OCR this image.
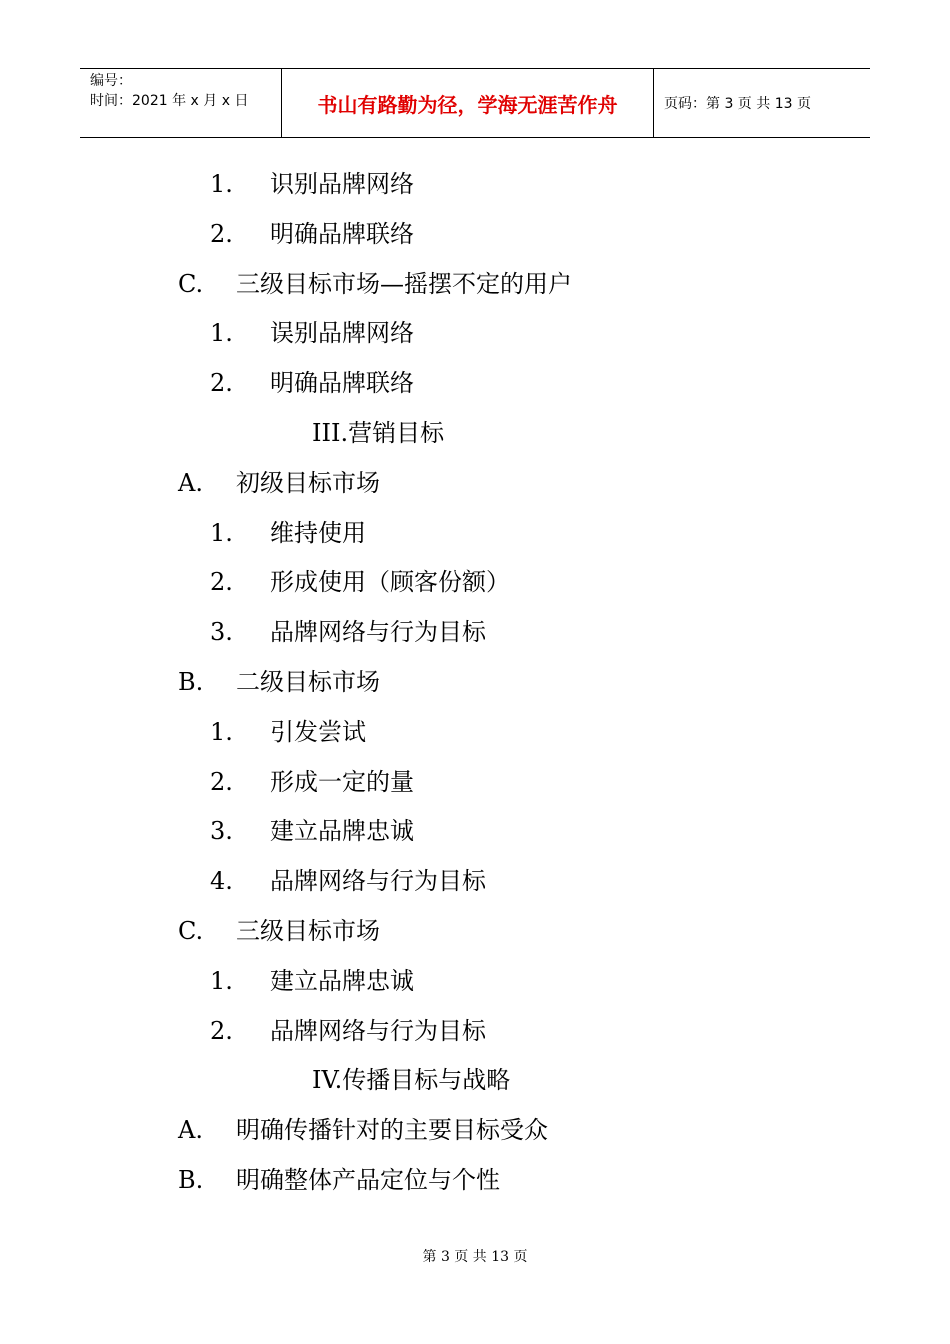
编号：
时间：2021 年 x 月 x 日	书山有路勤为径，学海无涯苦作舟	页码：第 3 页 共 13 页
1. 识别品牌网络
2. 明确品牌联络
C. 三级目标市场—摇摆不定的用户
1. 误别品牌网络
2. 明确品牌联络
III.营销目标
A. 初级目标市场
1. 维持使用
2. 形成使用（顾客份额）
3. 品牌网络与行为目标
B. 二级目标市场
1. 引发尝试
2. 形成一定的量
3. 建立品牌忠诚
4. 品牌网络与行为目标
C. 三级目标市场
1. 建立品牌忠诚
2. 品牌网络与行为目标
IV.传播目标与战略
A. 明确传播针对的主要目标受众
B. 明确整体产品定位与个性
第 3 页 共 13 页
